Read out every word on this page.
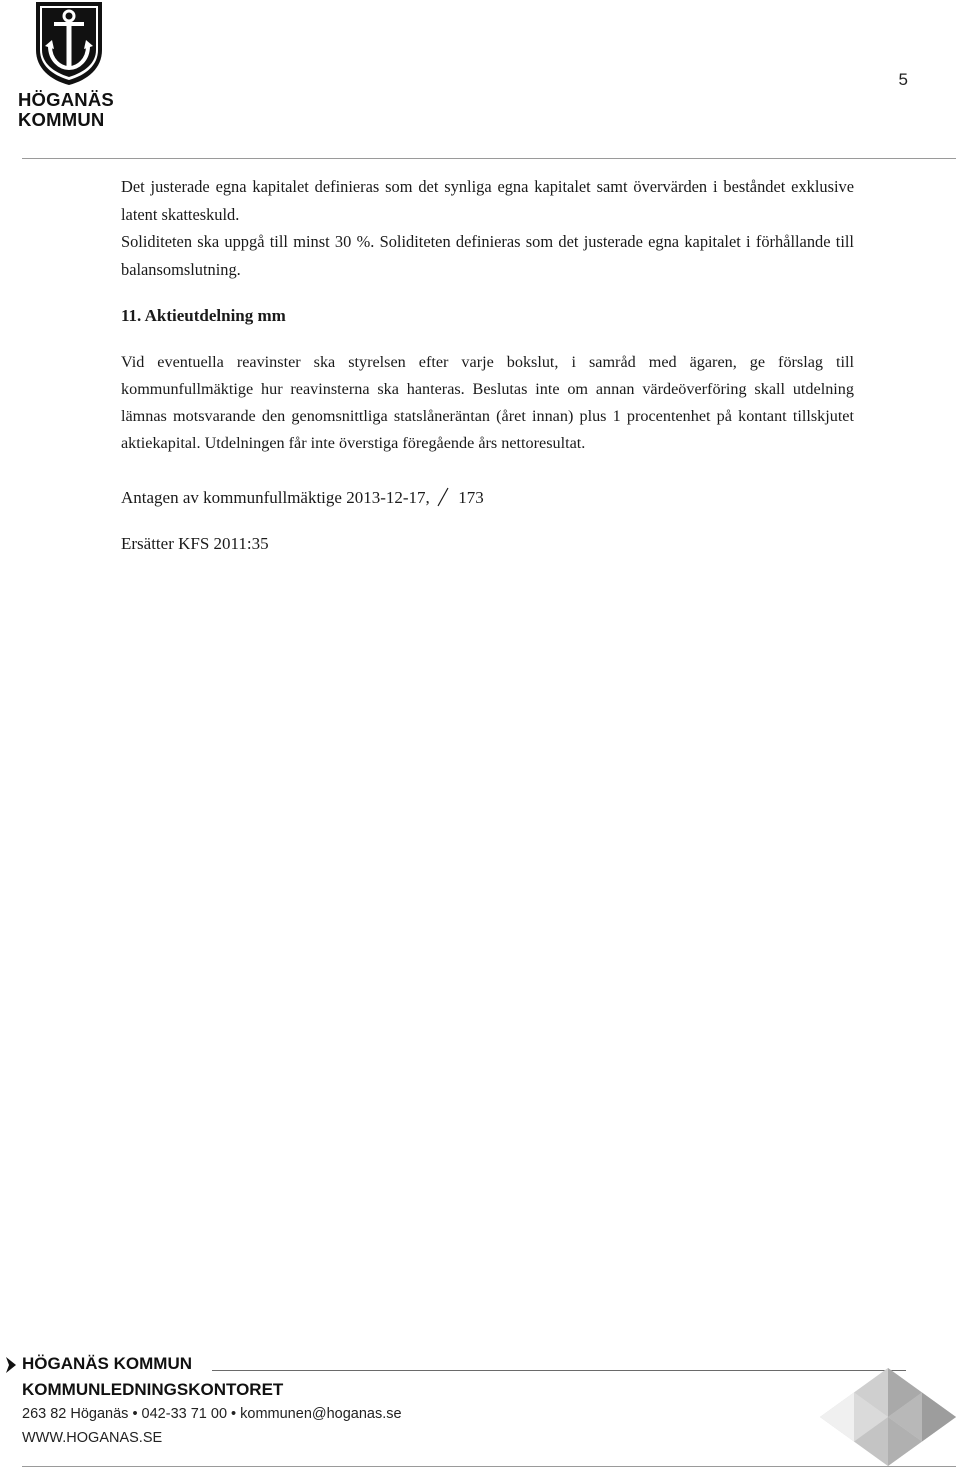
HÖGANÄS
KOMMUN
5

Det justerade egna kapitalet definieras som det synliga egna kapitalet samt övervärden i beståndet exklusive latent skatteskuld.

Soliditeten ska uppgå till minst 30 %. Soliditeten definieras som det justerade egna kapitalet i förhållande till balansomslutning.

11. Aktieutdelning mm

Vid eventuella reavinster ska styrelsen efter varje bokslut, i samråd med ägaren, ge förslag till kommunfullmäktige hur reavinsterna ska hanteras. Beslutas inte om annan värdeöverföring skall utdelning lämnas motsvarande den genomsnittliga statslåneräntan (året innan) plus 1 procentenhet på kontant tillskjutet aktiekapital. Utdelningen får inte överstiga föregående års nettoresultat.

Antagen av kommunfullmäktige 2013-12-17, 173

Ersätter KFS 2011:35

HÖGANÄS KOMMUN
KOMMUNLEDNINGSKONTORET
263 82 Höganäs • 042-33 71 00 • kommunen@hoganas.se
WWW.HOGANAS.SE
